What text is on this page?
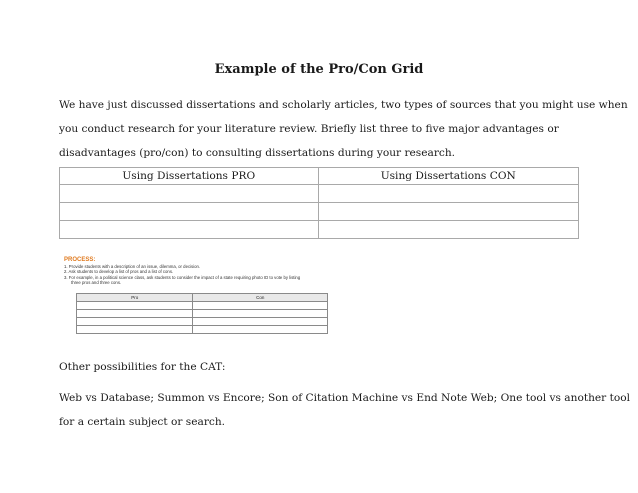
Example of the Pro/Con Grid
We have just discussed dissertations and scholarly articles, two types of sources that you might use when
you conduct research for your literature review. Briefly list three to five major advantages or
disadvantages (pro/con) to consulting dissertations during your research.
Using Dissertations PRO	Using Dissertations CON

PROCESS:
1. Provide students with a description of an issue, dilemma, or decision.
2. Ask students to develop a list of pros and a list of cons.
3. For example, in a political science class, ask students to consider the impact of a state requiring photo ID to vote by listing
three pros and three cons.
Pro	Con

Other possibilities for the CAT:
Web vs Database; Summon vs Encore; Son of Citation Machine vs End Note Web; One tool vs another tool
for a certain subject or search.
